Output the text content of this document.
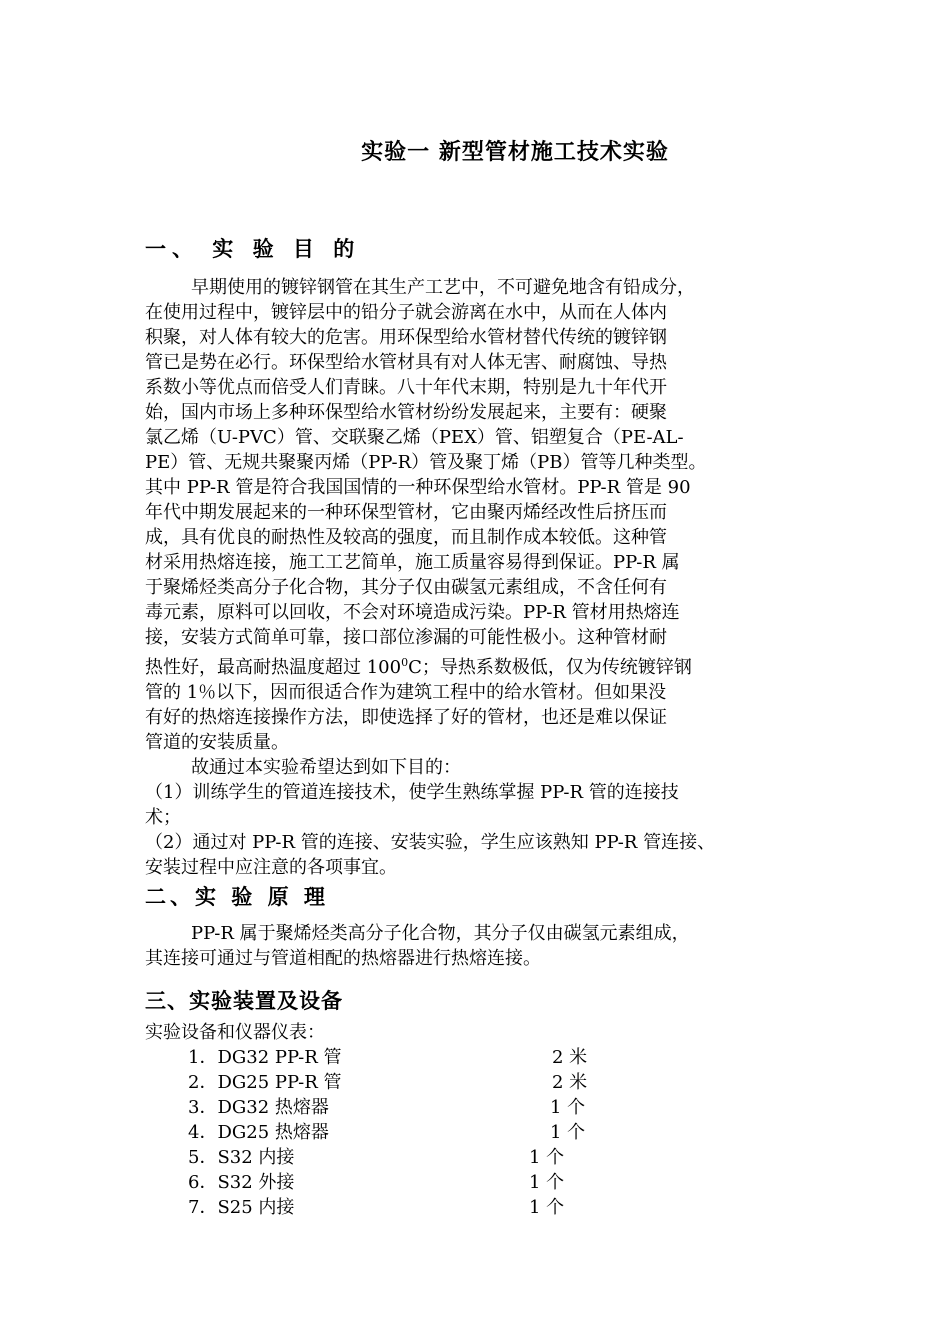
实验一 新型管材施工技术实验
一、 实 验 目 的
早期使用的镀锌钢管在其生产工艺中，不可避免地含有铅成分，
在使用过程中，镀锌层中的铅分子就会游离在水中，从而在人体内
积聚，对人体有较大的危害。用环保型给水管材替代传统的镀锌钢
管已是势在必行。环保型给水管材具有对人体无害、耐腐蚀、导热
系数小等优点而倍受人们青睐。八十年代末期，特别是九十年代开
始，国内市场上多种环保型给水管材纷纷发展起来，主要有：硬聚
氯乙烯（U-PVC）管、交联聚乙烯（PEX）管、铝塑复合（PE-AL-
PE）管、无规共聚聚丙烯（PP-R）管及聚丁烯（PB）管等几种类型。
其中 PP-R 管是符合我国国情的一种环保型给水管材。PP-R 管是 90
年代中期发展起来的一种环保型管材，它由聚丙烯经改性后挤压而
成，具有优良的耐热性及较高的强度，而且制作成本较低。这种管
材采用热熔连接，施工工艺简单，施工质量容易得到保证。PP-R 属
于聚烯烃类高分子化合物，其分子仅由碳氢元素组成，不含任何有
毒元素，原料可以回收，不会对环境造成污染。PP-R 管材用热熔连
接，安装方式简单可靠，接口部位渗漏的可能性极小。这种管材耐
热性好，最高耐热温度超过 $100^0C$；导热系数极低，仅为传统镀锌钢
管的 1％以下，因而很适合作为建筑工程中的给水管材。但如果没
有好的热熔连接操作方法，即使选择了好的管材，也还是难以保证
管道的安装质量。
故通过本实验希望达到如下目的：
（1）训练学生的管道连接技术，使学生熟练掌握 PP-R 管的连接技
术；
（2）通过对 PP-R 管的连接、安装实验，学生应该熟知 PP-R 管连接、
安装过程中应注意的各项事宜。
二、实 验 原 理
PP-R 属于聚烯烃类高分子化合物，其分子仅由碳氢元素组成，
其连接可通过与管道相配的热熔器进行热熔连接。
三、实验装置及设备
实验设备和仪器仪表：
1．DG32 PP-R 管	2 米
2．DG25 PP-R 管	2 米
3．DG32 热熔器	1 个
4．DG25 热熔器	1 个
5．S32 内接	1 个
6．S32 外接	1 个
7．S25 内接	1 个
